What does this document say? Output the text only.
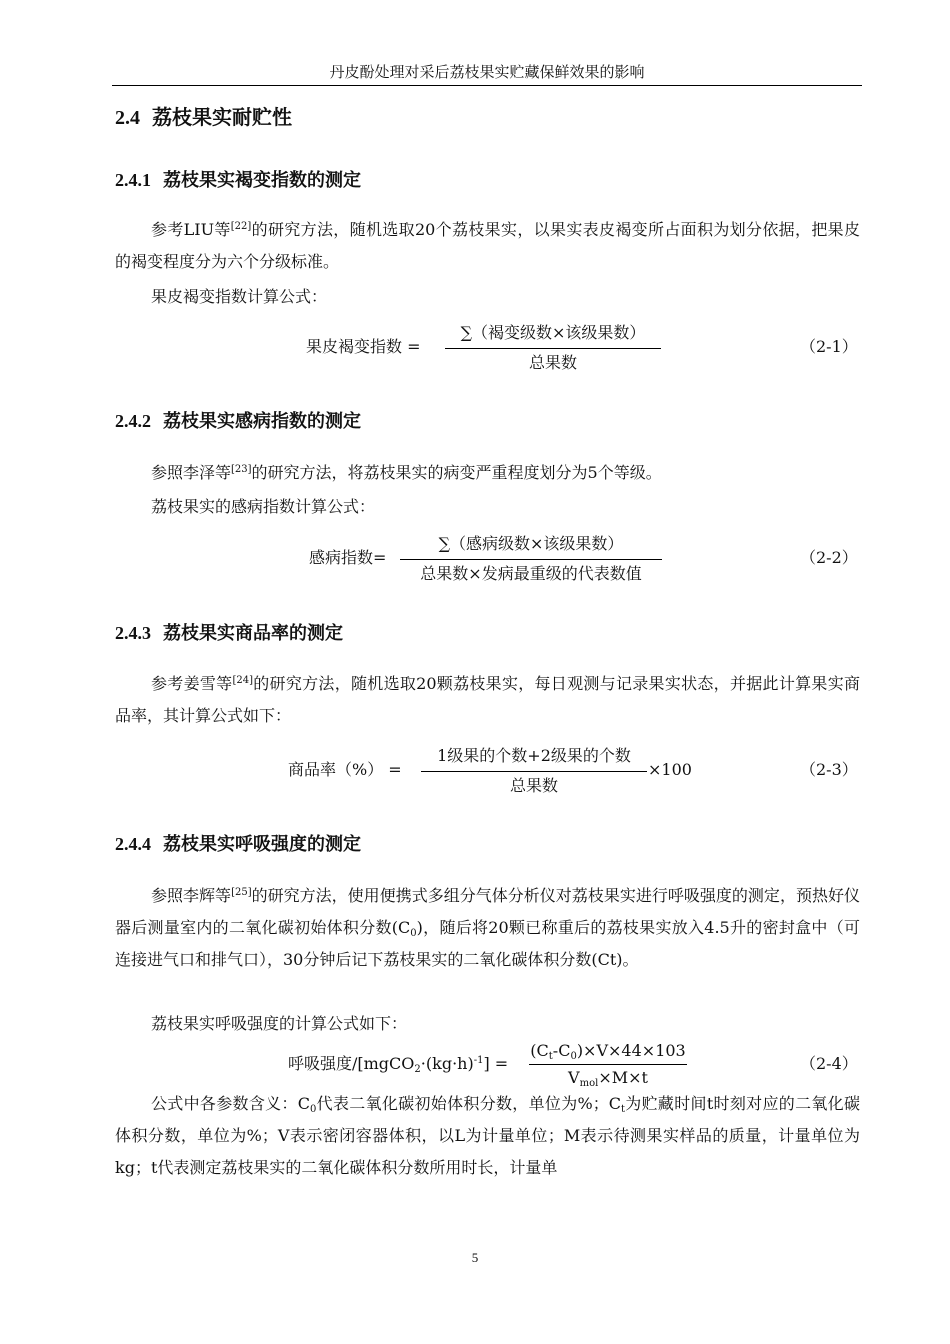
丹皮酚处理对采后荔枝果实贮藏保鲜效果的影响
2.4 荔枝果实耐贮性
2.4.1 荔枝果实褐变指数的测定
参考LIU等[22]的研究方法，随机选取20个荔枝果实，以果实表皮褐变所占面积为划分依据，把果皮的褐变程度分为六个分级标准。
果皮褐变指数计算公式：
果皮褐变指数 =
∑（褐变级数×该级果数）
总果数
（2-1）
2.4.2 荔枝果实感病指数的测定
参照李泽等[23]的研究方法，将荔枝果实的病变严重程度划分为5个等级。
荔枝果实的感病指数计算公式：
感病指数=
∑（感病级数×该级果数）
总果数×发病最重级的代表数值
（2-2）
2.4.3 荔枝果实商品率的测定
参考姜雪等[24]的研究方法，随机选取20颗荔枝果实，每日观测与记录果实状态，并据此计算果实商品率，其计算公式如下：
商品率（%） =
1级果的个数+2级果的个数
总果数
×100	（2-3）
2.4.4 荔枝果实呼吸强度的测定
参照李辉等[25]的研究方法，使用便携式多组分气体分析仪对荔枝果实进行呼吸强度的测定，预热好仪器后测量室内的二氧化碳初始体积分数$(C_0)$，随后将20颗已称重后的荔枝果实放入4.5升的密封盒中（可连接进气口和排气口），30分钟后记下荔枝果实的二氧化碳体积分数(Ct)。
荔枝果实呼吸强度的计算公式如下：
呼吸强度$/[mgCO_2\cdot(kg\cdot h)^{-1}]$ =
$(C_t-C_0)\times V\times 44\times 103$
$V_{mol}\times M\times t$
（2-4）
公式中各参数含义：$C_0$代表二氧化碳初始体积分数，单位为%；$C_t$为贮藏时间t时刻对应的二氧化碳体积分数，单位为%；V表示密闭容器体积，以L为计量单位；M表示待测果实样品的质量，计量单位为kg；t代表测定荔枝果实的二氧化碳体积分数所用时长，计量单
5
